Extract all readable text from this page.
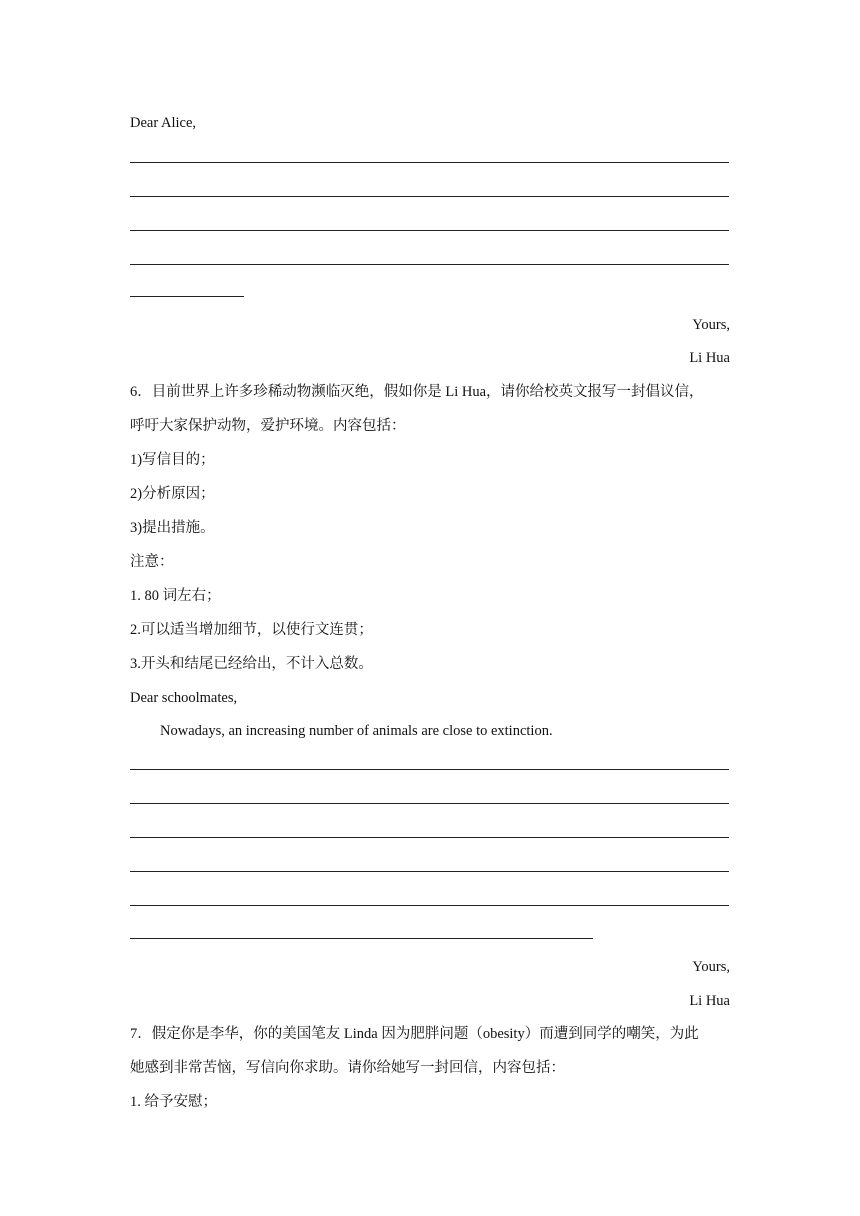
Dear Alice,
Yours,
Li Hua
6．目前世界上许多珍稀动物濒临灭绝，假如你是 Li Hua，请你给校英文报写一封倡议信，
呼吁大家保护动物，爱护环境。内容包括：
1)写信目的；
2)分析原因；
3)提出措施。
注意：
1. 80 词左右；
2.可以适当增加细节，以使行文连贯；
3.开头和结尾已经给出，不计入总数。
Dear schoolmates,
Nowadays, an increasing number of animals are close to extinction.
Yours,
Li Hua
7．假定你是李华，你的美国笔友 Linda 因为肥胖问题（obesity）而遭到同学的嘲笑，为此
她感到非常苦恼，写信向你求助。请你给她写一封回信，内容包括：
1. 给予安慰；
